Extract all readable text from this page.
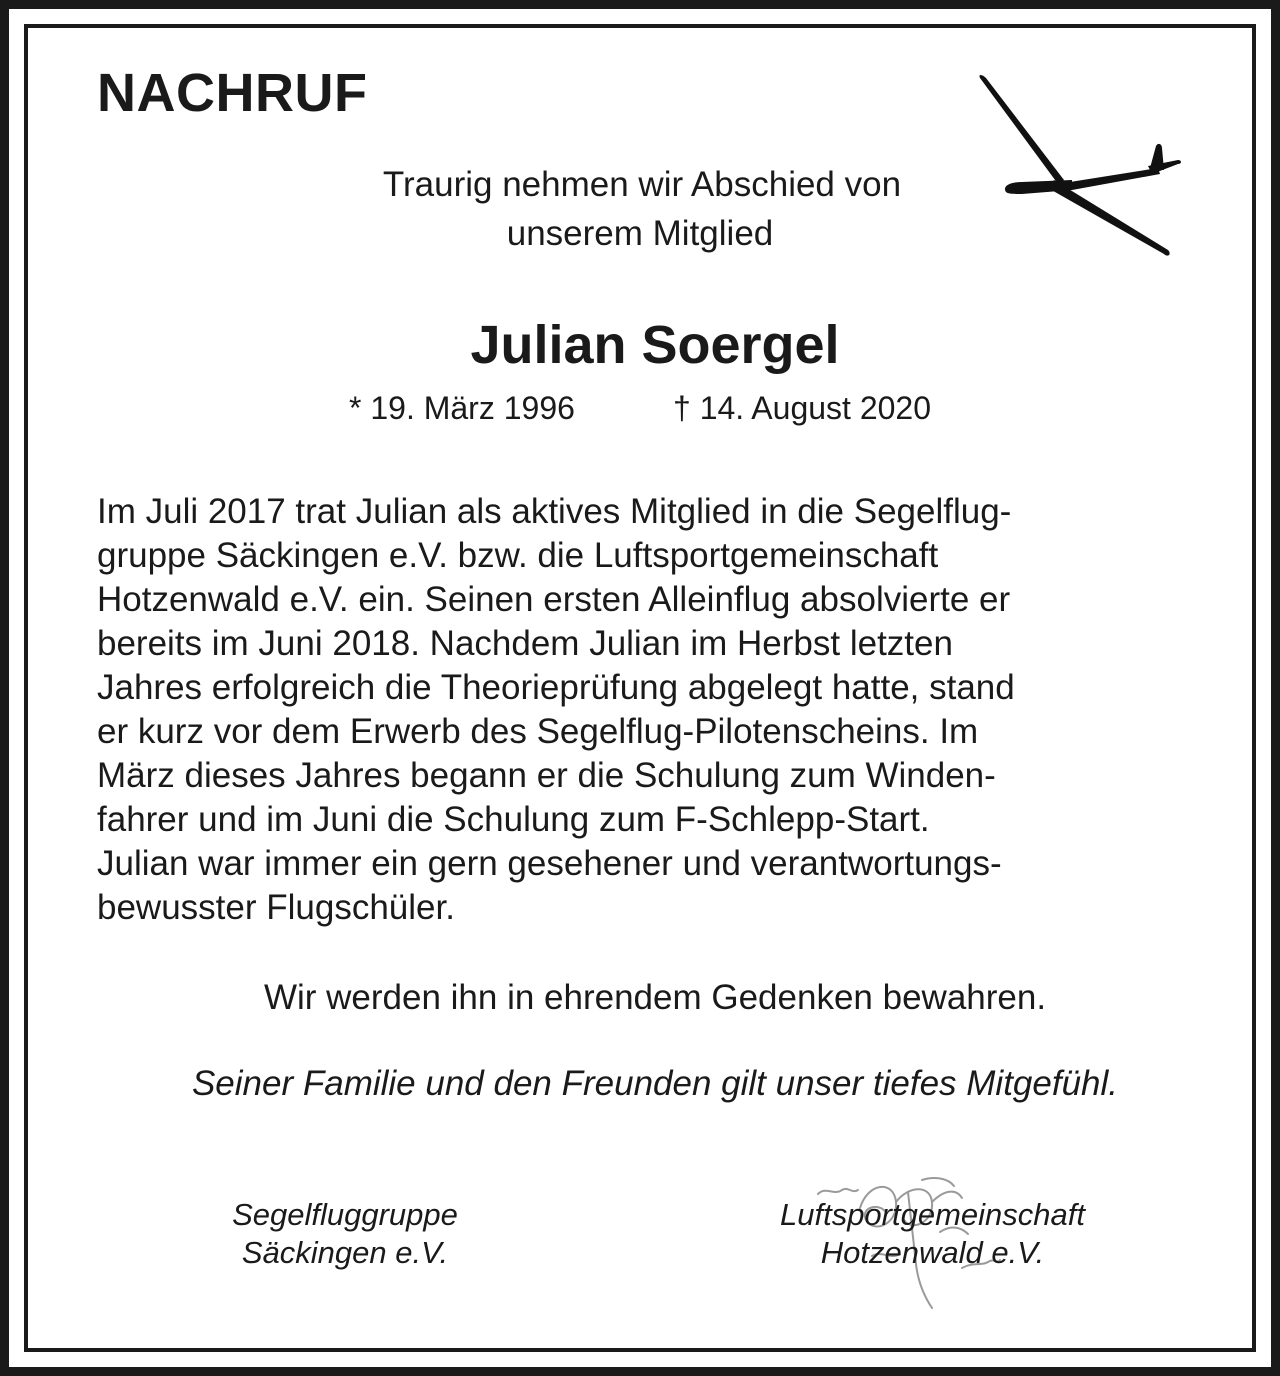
NACHRUF
Traurig nehmen wir Abschied von
unserem Mitglied
Julian Soergel
* 19. März 1996	† 14. August 2020
Im Juli 2017 trat Julian als aktives Mitglied in die Segelflug-
gruppe Säckingen e.V. bzw. die Luftsportgemeinschaft
Hotzenwald e.V. ein. Seinen ersten Alleinflug absolvierte er
bereits im Juni 2018. Nachdem Julian im Herbst letzten
Jahres erfolgreich die Theorieprüfung abgelegt hatte, stand
er kurz vor dem Erwerb des Segelflug-Pilotenscheins. Im
März dieses Jahres begann er die Schulung zum Winden-
fahrer und im Juni die Schulung zum F-Schlepp-Start.
Julian war immer ein gern gesehener und verantwortungs-
bewusster Flugschüler.
Wir werden ihn in ehrendem Gedenken bewahren.
Seiner Familie und den Freunden gilt unser tiefes Mitgefühl.
Segelfluggruppe
Säckingen e.V.
Luftsportgemeinschaft
Hotzenwald e.V.
